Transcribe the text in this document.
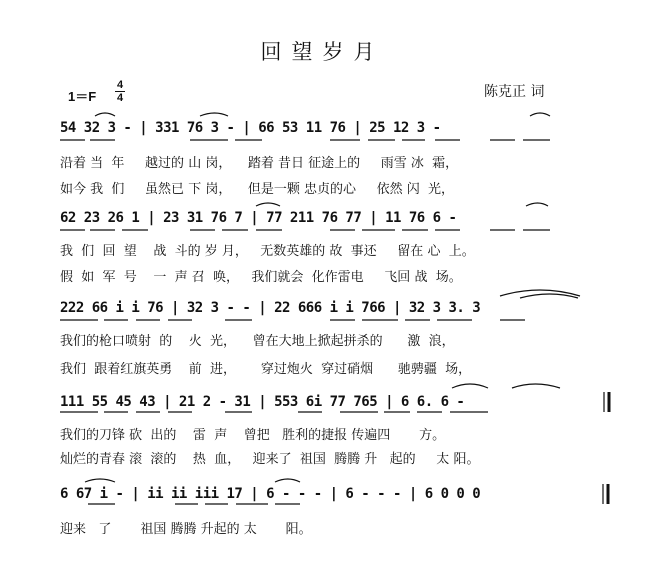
回望岁月
1＝F
4
4	陈克正 词
54 32 3 - | 331 76 3 - | 66 53 11 76 | 25 12 3 -
沿着 当  年     越过的 山 岗，    踏着 昔日 征途上的     雨雪 冰  霜，
如今 我  们     虽然已 下 岗，    但是一颗 忠贞的心     依然 闪  光，
62 23 26 1 | 23 31 76 7 | 77 211 76 77 | 11 76 6 -
我  们  回  望    战  斗的 岁 月，   无数英雄的 故  事还     留在 心  上。
假  如  军  号    一  声 召  唤，   我们就会  化作雷电     飞回 战  场。
222 66 i i 76 | 32 3 - - | 22 666 i i 766 | 32 3 3. 3
我们的枪口喷射  的    火  光，    曾在大地上掀起拼杀的      激  浪，
我们  跟着红旗英勇    前  进，      穿过炮火  穿过硝烟      驰骋疆  场，
111 55 45 43 | 21 2 - 31 | 553 6i 77 765 | 6 6. 6 -
我们的刀锋 砍  出的    雷  声    曾把   胜利的捷报 传遍四       方。
灿烂的青春 滚  滚的    热  血，   迎来了  祖国  腾腾 升   起的     太 阳。
6 67 i - | ii ii iii 17 | 6 - - - | 6 - - - | 6 0 0 0
迎来   了       祖国 腾腾 升起的 太       阳。
